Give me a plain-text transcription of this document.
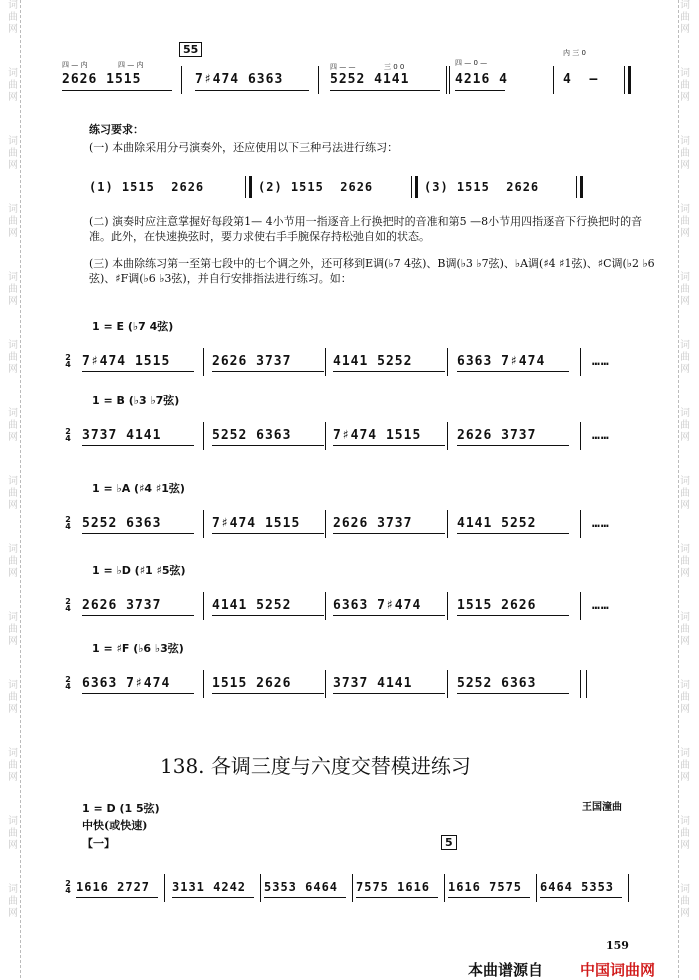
词
曲
网
词
曲
网
词
曲
网
词
曲
网
词
曲
网
词
曲
网
词
曲
网
词
曲
网
词
曲
网
词
曲
网
词
曲
网
词
曲
网
词
曲
网
词
曲
网
词
曲
网
词
曲
网
词
曲
网
词
曲
网
词
曲
网
词
曲
网
词
曲
网
词
曲
网
词
曲
网
词
曲
网
词
曲
网
词
曲
网
词
曲
网
词
曲
网
55
四 — 内	四 — 内	四 — —	三 0 0	四 — 0 —
内 三 0
2626 1515	7♯474 6363	5252 4141	4216 4	4  –
练习要求：
(一) 本曲除采用分弓演奏外，还应使用以下三种弓法进行练习：
(1) 1515  2626	(2) 1515  2626	(3) 1515  2626
(二) 演奏时应注意掌握好每段第1— 4小节用一指逐音上行换把时的音准和第5 —8小节用四指逐音下行换把时的音准。此外，在快速换弦时，要力求使右手手腕保存持松弛自如的状态。
(三) 本曲除练习第一至第七段中的七个调之外，还可移到E调(♭7 4弦)、B调(♭3 ♭7弦)、♭A调(♯4 ♯1弦)、♯C调(♭2 ♭6弦)、♯F调(♭6 ♭3弦)，并自行安排指法进行练习。如：
1 = E (♭7 4弦)
2
4 7♯474 1515	2626 3737	4141 5252	6363 7♯474	……
1 = B (♭3 ♭7弦)
2
4 3737 4141	5252 6363	7♯474 1515	2626 3737	……
1 = ♭A (♯4 ♯1弦)
2
4 5252 6363	7♯474 1515	2626 3737	4141 5252	……
1 = ♭D (♯1 ♯5弦)
2
4 2626 3737	4141 5252	6363 7♯474	1515 2626	……
1 = ♯F (♭6 ♭3弦)
2
4 6363 7♯474	1515 2626	3737 4141	5252 6363
138. 各调三度与六度交替模进练习
1 = D (1 5弦)	王国潼曲
中快(或快速)
【一】	5
2
4 1616 2727 3131 4242 5353 6464 7575 1616 1616 7575 6464 5353
159
本曲谱源自 中国词曲网
